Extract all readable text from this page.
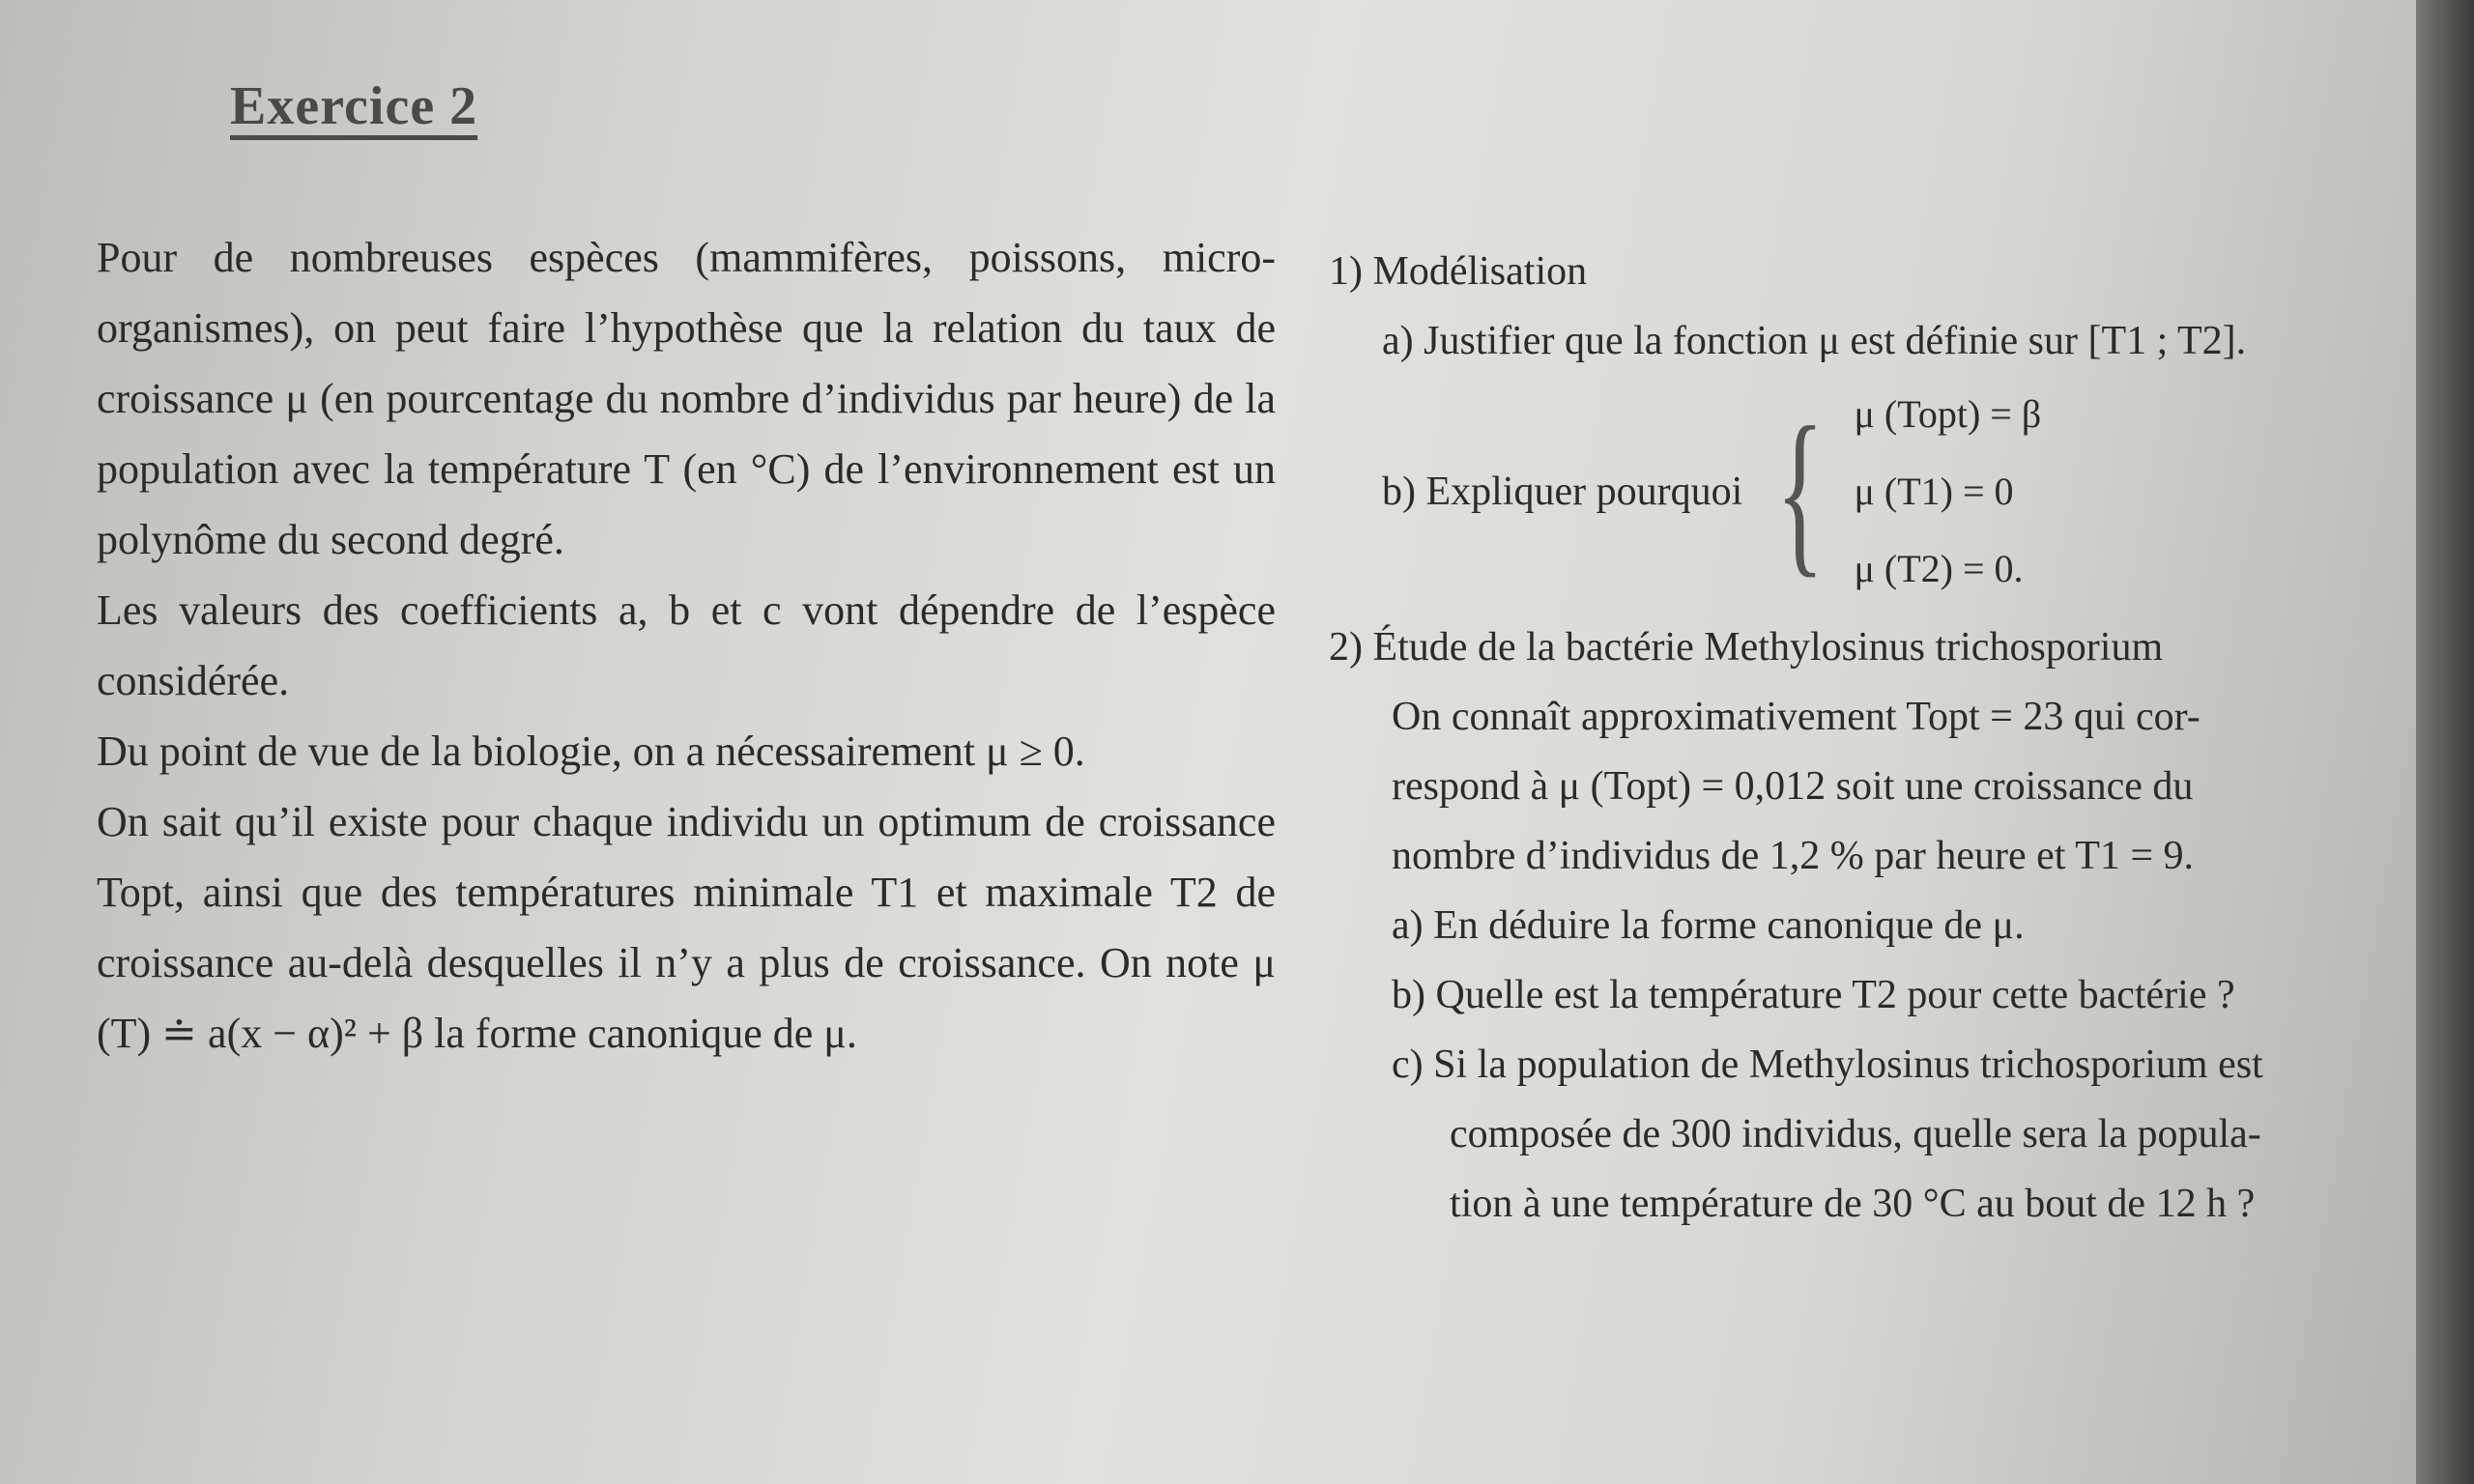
Exercice 2

Pour de nombreuses espèces (mammifères, poissons, micro-organismes), on peut faire l’hypothèse que la relation du taux de croissance μ (en pourcentage du nombre d’individus par heure) de la population avec la température T (en °C) de l’environnement est un polynôme du second degré.

Les valeurs des coefficients a, b et c vont dépendre de l’espèce considérée.

Du point de vue de la biologie, on a nécessairement μ ≥ 0.

On sait qu’il existe pour chaque individu un optimum de croissance Topt, ainsi que des températures minimale T1 et maximale T2 de croissance au-delà desquelles il n’y a plus de croissance. On note μ (T) ≐ a(x − α)² + β la forme canonique de μ.

1) Modélisation
a) Justifier que la fonction μ est définie sur [T1 ; T2].
b) Expliquer pourquoi { μ (Topt) = β
μ (T1) = 0
μ (T2) = 0.
2) Étude de la bactérie Methylosinus trichosporium
On connaît approximativement Topt = 23 qui cor-
respond à μ (Topt) = 0,012 soit une croissance du
nombre d’individus de 1,2 % par heure et T1 = 9.
a) En déduire la forme canonique de μ.
b) Quelle est la température T2 pour cette bactérie ?
c) Si la population de Methylosinus trichosporium est
composée de 300 individus, quelle sera la popula-
tion à une température de 30 °C au bout de 12 h ?
